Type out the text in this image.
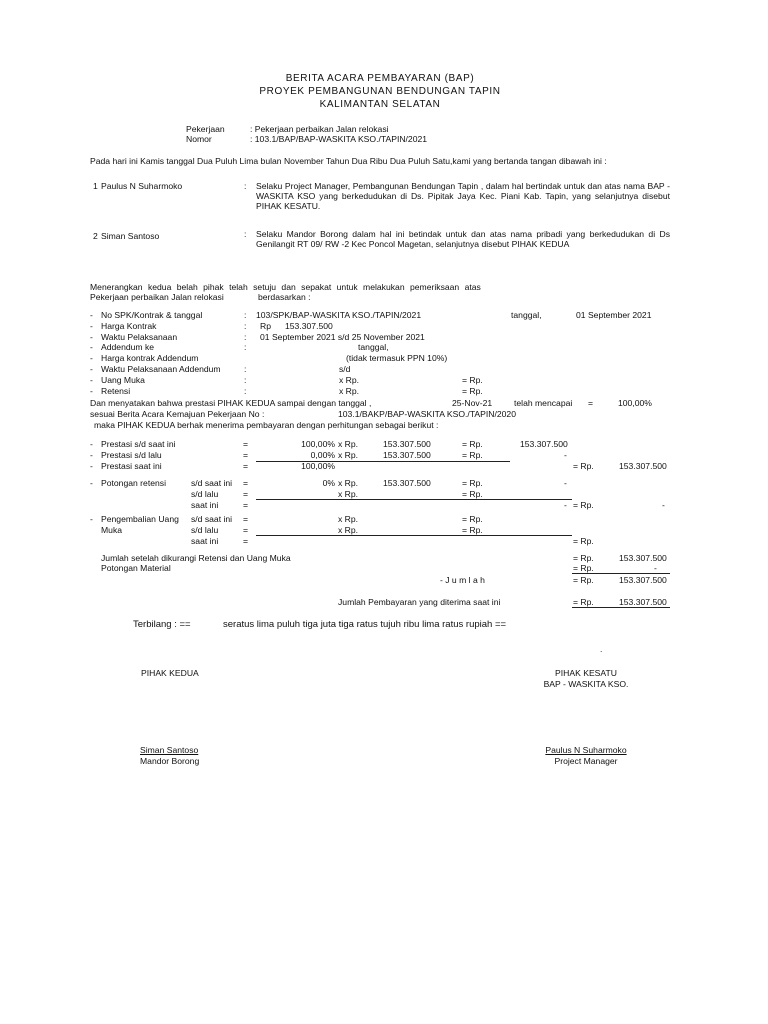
BERITA ACARA PEMBAYARAN (BAP)
PROYEK PEMBANGUNAN BENDUNGAN TAPIN
KALIMANTAN SELATAN
Pekerjaan	: Pekerjaan perbaikan Jalan relokasi
Nomor	: 103.1/BAP/BAP-WASKITA KSO./TAPIN/2021
Pada hari ini Kamis tanggal Dua Puluh Lima bulan November Tahun Dua Ribu Dua Puluh Satu,kami yang bertanda tangan dibawah ini :
1 Paulus N Suharmoko	: Selaku Project Manager, Pembangunan Bendungan Tapin , dalam hal bertindak untuk dan atas nama BAP - WASKITA KSO yang berkedudukan di Ds. Pipitak Jaya Kec. Piani Kab. Tapin, yang selanjutnya disebut PIHAK KESATU.
2 Siman Santoso	: Selaku Mandor Borong dalam hal ini betindak untuk dan atas nama pribadi yang berkedudukan di Ds Genilangit RT 09/ RW -2 Kec Poncol Magetan, selanjutnya disebut PIHAK KEDUA
Menerangkan kedua belah pihak telah setuju dan sepakat untuk melakukan pemeriksaan atas
Pekerjaan perbaikan Jalan relokasi	berdasarkan :
- No SPK/Kontrak & tanggal	: 103/SPK/BAP-WASKITA KSO./TAPIN/2021	tanggal,	01 September 2021
- Harga Kontrak	: Rp 153.307.500
- Waktu Pelaksanaan	: 01 September 2021 s/d 25 November 2021
- Addendum ke	:	tanggal,
- Harga kontrak Addendum	(tidak termasuk PPN 10%)
- Waktu Pelaksanaan Addendum	:	s/d
- Uang Muka	:	x Rp.	= Rp.
- Retensi	:	x Rp.	= Rp.
Dan menyatakan bahwa prestasi PIHAK KEDUA sampai dengan tanggal ,	25-Nov-21	telah mencapai =	100,00%
sesuai Berita Acara Kemajuan Pekerjaan No :	103.1/BAKP/BAP-WASKITA KSO./TAPIN/2020
maka PIHAK KEDUA berhak menerima pembayaran dengan perhitungan sebagai berikut :
- Prestasi s/d saat ini	=	100,00% x Rp.	153.307.500	= Rp.	153.307.500
- Prestasi s/d lalu	=	0,00% x Rp.	153.307.500	= Rp.	-
- Prestasi saat ini	=	100,00%	= Rp.	153.307.500
- Potongan retensi	s/d saat ini =	0% x Rp.	153.307.500	= Rp.	-
s/d lalu	=	x Rp.	= Rp.
saat ini	=	- = Rp.	-
- Pengembalian Uang
Muka
s/d saat ini =	x Rp.	= Rp.
s/d lalu	=	x Rp.	= Rp.
saat ini	=	= Rp.
Jumlah setelah dikurangi Retensi dan Uang Muka	= Rp.	153.307.500
Potongan Material	= Rp.	-
- J u m l a h	= Rp.	153.307.500
Jumlah Pembayaran yang diterima saat ini	= Rp.	153.307.500
Terbilang : ==	seratus lima puluh tiga juta tiga ratus tujuh ribu lima ratus rupiah ==
.
PIHAK KEDUA	PIHAK KESATU
BAP - WASKITA KSO.
Siman Santoso
Mandor Borong
Paulus N Suharmoko
Project Manager
